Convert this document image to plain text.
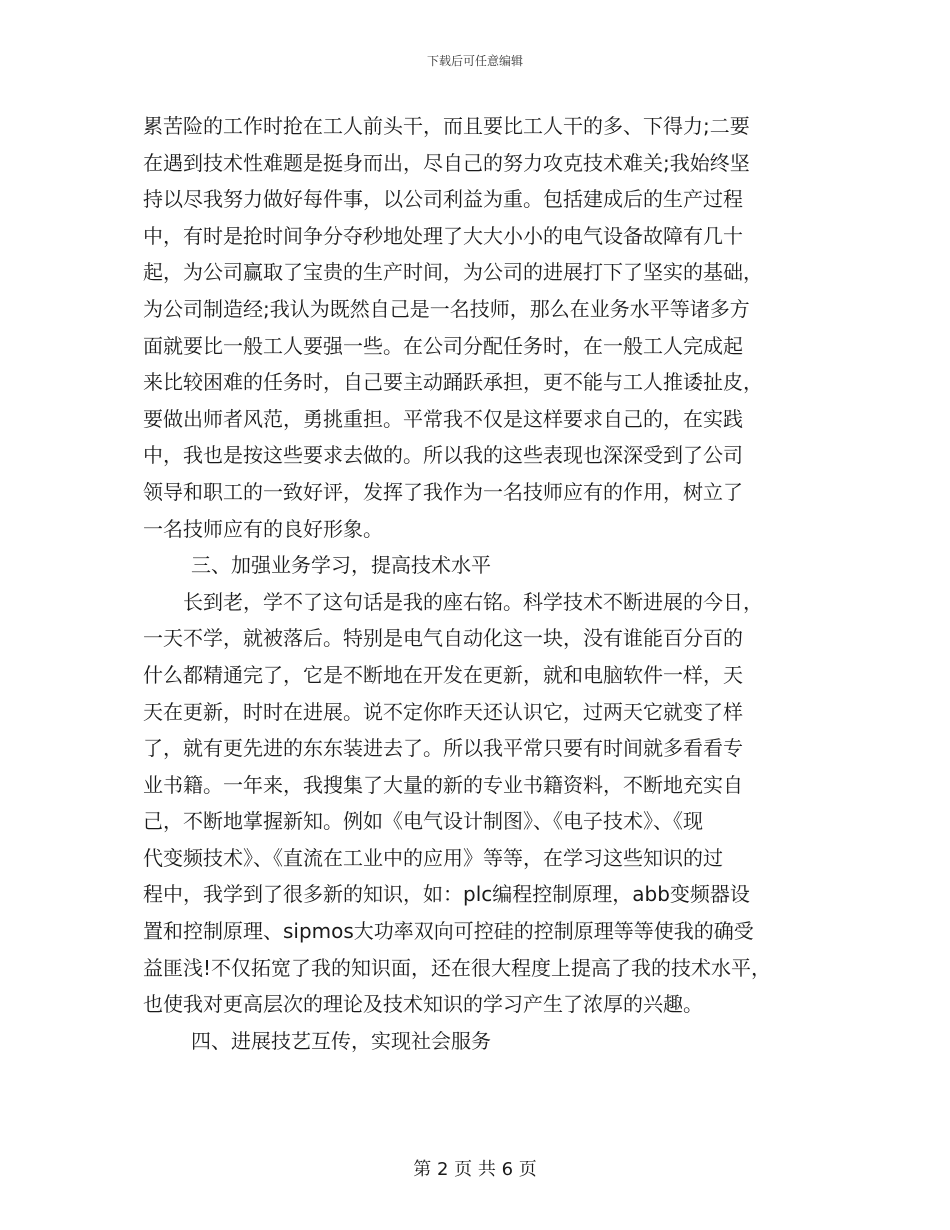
下载后可任意编辑
累苦险的工作时抢在工人前头干，而且要比工人干的多、下得力;二要
在遇到技术性难题是挺身而出，尽自己的努力攻克技术难关;我始终坚
持以尽我努力做好每件事，以公司利益为重。包括建成后的生产过程
中，有时是抢时间争分夺秒地处理了大大小小的电气设备故障有几十
起，为公司赢取了宝贵的生产时间，为公司的进展打下了坚实的基础，
为公司制造经;我认为既然自己是一名技师，那么在业务水平等诸多方
面就要比一般工人要强一些。在公司分配任务时，在一般工人完成起
来比较困难的任务时，自己要主动踊跃承担，更不能与工人推诿扯皮，
要做出师者风范，勇挑重担。平常我不仅是这样要求自己的，在实践
中，我也是按这些要求去做的。所以我的这些表现也深深受到了公司
领导和职工的一致好评，发挥了我作为一名技师应有的作用，树立了
一名技师应有的良好形象。
三、加强业务学习，提高技术水平
长到老，学不了这句话是我的座右铭。科学技术不断进展的今日，
一天不学，就被落后。特别是电气自动化这一块，没有谁能百分百的
什么都精通完了，它是不断地在开发在更新，就和电脑软件一样，天
天在更新，时时在进展。说不定你昨天还认识它，过两天它就变了样
了，就有更先进的东东装进去了。所以我平常只要有时间就多看看专
业书籍。一年来，我搜集了大量的新的专业书籍资料，不断地充实自
己，不断地掌握新知。例如《电气设计制图》、《电子技术》、《现
代变频技术》、《直流在工业中的应用》等等，在学习这些知识的过
程中，我学到了很多新的知识，如：plc编程控制原理，abb变频器设
置和控制原理、sipmos大功率双向可控硅的控制原理等等使我的确受
益匪浅!不仅拓宽了我的知识面，还在很大程度上提高了我的技术水平，
也使我对更高层次的理论及技术知识的学习产生了浓厚的兴趣。
四、进展技艺互传，实现社会服务
第 2 页 共 6 页
